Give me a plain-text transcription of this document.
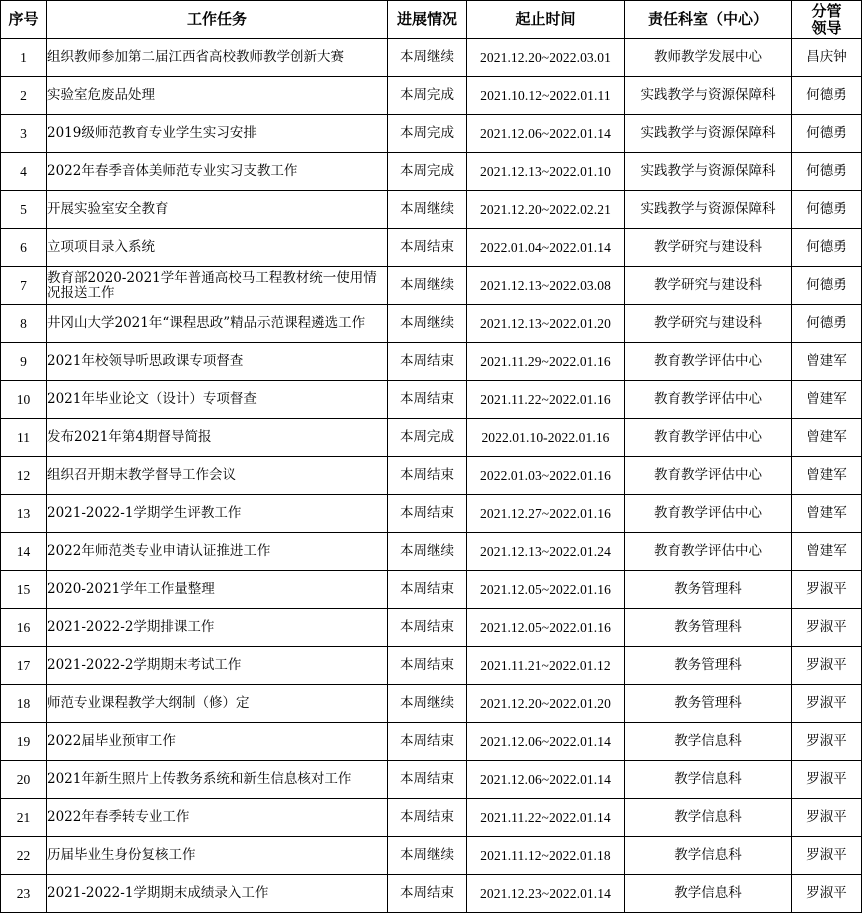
序号	工作任务	进展情况	起止时间	责任科室（中心）	分管
领导

1	组织教师参加第二届江西省高校教师教学创新大赛	本周继续	2021.12.20~2022.03.01	教师教学发展中心	昌庆钟
2	实验室危废品处理	本周完成	2021.10.12~2022.01.11	实践教学与资源保障科	何德勇
3	2019级师范教育专业学生实习安排	本周完成	2021.12.06~2022.01.14	实践教学与资源保障科	何德勇
4	2022年春季音体美师范专业实习支教工作	本周完成	2021.12.13~2022.01.10	实践教学与资源保障科	何德勇
5	开展实验室安全教育	本周继续	2021.12.20~2022.02.21	实践教学与资源保障科	何德勇
6	立项项目录入系统	本周结束	2022.01.04~2022.01.14	教学研究与建设科	何德勇
7	教育部2020-2021学年普通高校马工程教材统一使用情况报送工作	本周继续	2021.12.13~2022.03.08	教学研究与建设科	何德勇
8	井冈山大学2021年“课程思政”精品示范课程遴选工作	本周继续	2021.12.13~2022.01.20	教学研究与建设科	何德勇
9	2021年校领导听思政课专项督查	本周结束	2021.11.29~2022.01.16	教育教学评估中心	曾建军
10	2021年毕业论文（设计）专项督查	本周结束	2021.11.22~2022.01.16	教育教学评估中心	曾建军
11	发布2021年第4期督导简报	本周完成	2022.01.10-2022.01.16	教育教学评估中心	曾建军
12	组织召开期末教学督导工作会议	本周结束	2022.01.03~2022.01.16	教育教学评估中心	曾建军
13	2021-2022-1学期学生评教工作	本周结束	2021.12.27~2022.01.16	教育教学评估中心	曾建军
14	2022年师范类专业申请认证推进工作	本周继续	2021.12.13~2022.01.24	教育教学评估中心	曾建军
15	2020-2021学年工作量整理	本周结束	2021.12.05~2022.01.16	教务管理科	罗淑平
16	2021-2022-2学期排课工作	本周结束	2021.12.05~2022.01.16	教务管理科	罗淑平
17	2021-2022-2学期期末考试工作	本周结束	2021.11.21~2022.01.12	教务管理科	罗淑平
18	师范专业课程教学大纲制（修）定	本周继续	2021.12.20~2022.01.20	教务管理科	罗淑平
19	2022届毕业预审工作	本周结束	2021.12.06~2022.01.14	教学信息科	罗淑平
20	2021年新生照片上传教务系统和新生信息核对工作	本周结束	2021.12.06~2022.01.14	教学信息科	罗淑平
21	2022年春季转专业工作	本周结束	2021.11.22~2022.01.14	教学信息科	罗淑平
22	历届毕业生身份复核工作	本周继续	2021.11.12~2022.01.18	教学信息科	罗淑平
23	2021-2022-1学期期末成绩录入工作	本周结束	2021.12.23~2022.01.14	教学信息科	罗淑平
